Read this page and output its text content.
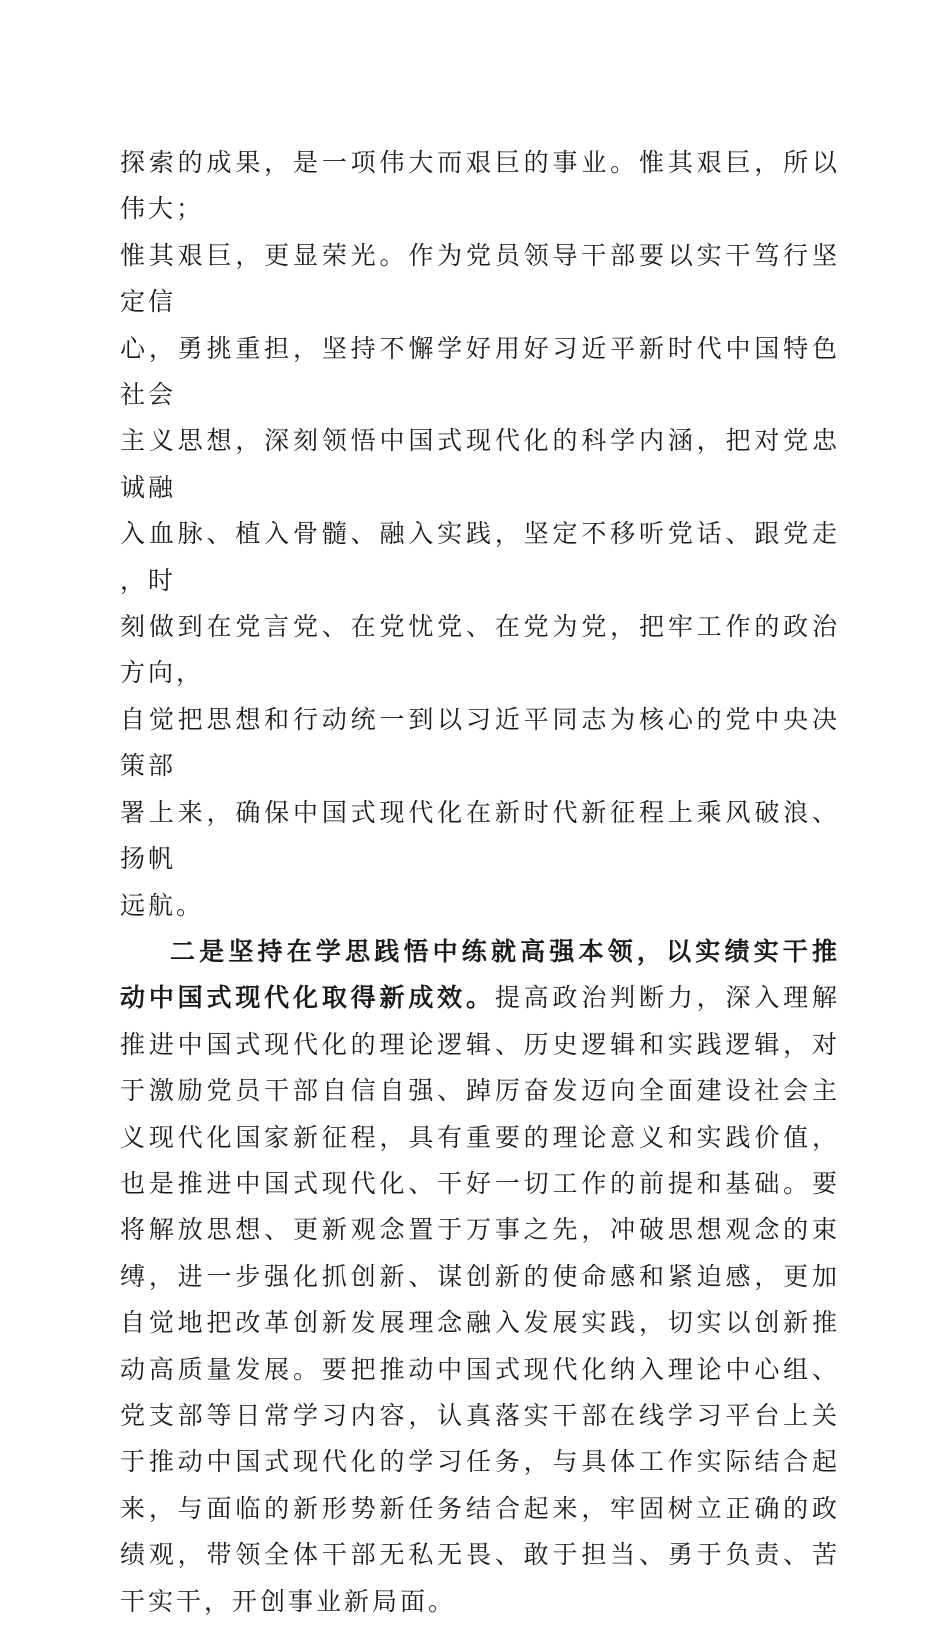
探索的成果，是一项伟大而艰巨的事业。惟其艰巨，所以伟大；
惟其艰巨，更显荣光。作为党员领导干部要以实干笃行坚定信
心，勇挑重担，坚持不懈学好用好习近平新时代中国特色社会
主义思想，深刻领悟中国式现代化的科学内涵，把对党忠诚融
入血脉、植入骨髓、融入实践，坚定不移听党话、跟党走，时
刻做到在党言党、在党忧党、在党为党，把牢工作的政治方向，
自觉把思想和行动统一到以习近平同志为核心的党中央决策部
署上来，确保中国式现代化在新时代新征程上乘风破浪、扬帆
远航。

二是坚持在学思践悟中练就高强本领，以实绩实干推动中国式现代化取得新成效。提高政治判断力，深入理解推进中国式现代化的理论逻辑、历史逻辑和实践逻辑，对于激励党员干部自信自强、踔厉奋发迈向全面建设社会主义现代化国家新征程，具有重要的理论意义和实践价值，也是推进中国式现代化、干好一切工作的前提和基础。要将解放思想、更新观念置于万事之先，冲破思想观念的束缚，进一步强化抓创新、谋创新的使命感和紧迫感，更加自觉地把改革创新发展理念融入发展实践，切实以创新推动高质量发展。要把推动中国式现代化纳入理论中心组、党支部等日常学习内容，认真落实干部在线学习平台上关于推动中国式现代化的学习任务，与具体工作实际结合起来，与面临的新形势新任务结合起来，牢固树立正确的政绩观，带领全体干部无私无畏、敢于担当、勇于负责、苦干实干，开创事业新局面。
